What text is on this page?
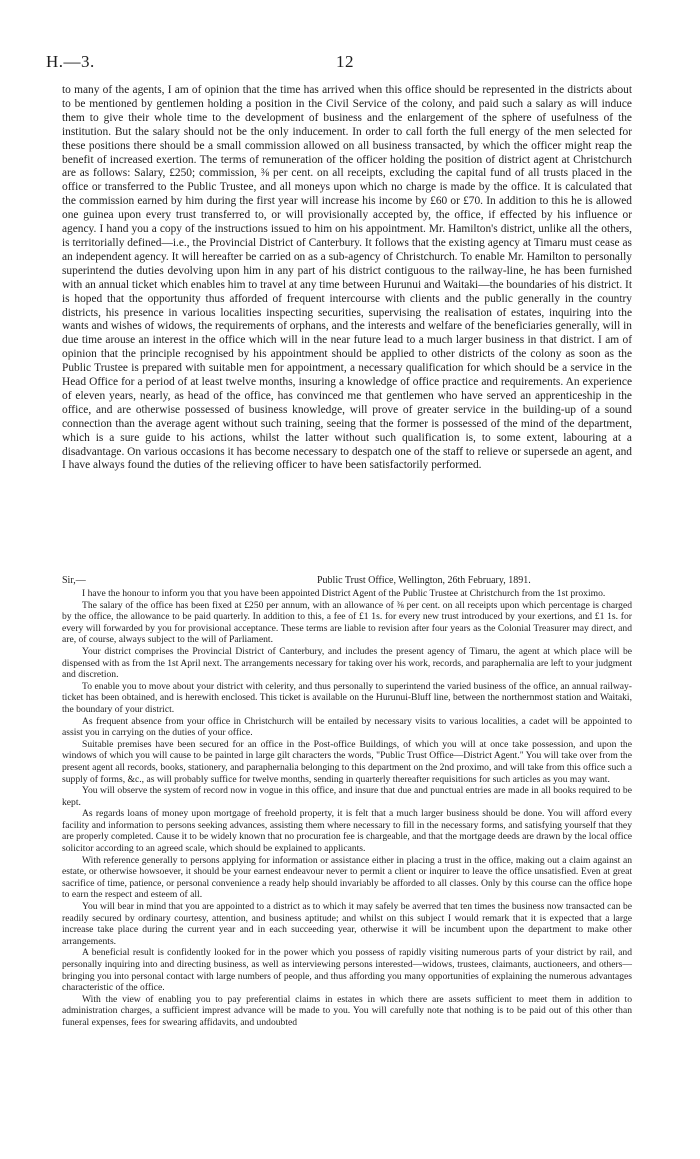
H.—3.	12

to many of the agents, I am of opinion that the time has arrived when this office should be represented in the districts about to be mentioned by gentlemen holding a position in the Civil Service of the colony, and paid such a salary as will induce them to give their whole time to the development of business and the enlargement of the sphere of usefulness of the institution. But the salary should not be the only inducement. In order to call forth the full energy of the men selected for these positions there should be a small commission allowed on all business transacted, by which the officer might reap the benefit of increased exertion. The terms of remuneration of the officer holding the position of district agent at Christchurch are as follows: Salary, £250; commission, ⅜ per cent. on all receipts, excluding the capital fund of all trusts placed in the office or transferred to the Public Trustee, and all moneys upon which no charge is made by the office. It is calculated that the commission earned by him during the first year will increase his income by £60 or £70. In addition to this he is allowed one guinea upon every trust transferred to, or will provisionally accepted by, the office, if effected by his influence or agency. I hand you a copy of the instructions issued to him on his appointment. Mr. Hamilton's district, unlike all the others, is territorially defined—i.e., the Provincial District of Canterbury. It follows that the existing agency at Timaru must cease as an independent agency. It will hereafter be carried on as a sub-agency of Christchurch. To enable Mr. Hamilton to personally superintend the duties devolving upon him in any part of his district contiguous to the railway-line, he has been furnished with an annual ticket which enables him to travel at any time between Hurunui and Waitaki—the boundaries of his district. It is hoped that the opportunity thus afforded of frequent intercourse with clients and the public generally in the country districts, his presence in various localities inspecting securities, supervising the realisation of estates, inquiring into the wants and wishes of widows, the requirements of orphans, and the interests and welfare of the beneficiaries generally, will in due time arouse an interest in the office which will in the near future lead to a much larger business in that district. I am of opinion that the principle recognised by his appointment should be applied to other districts of the colony as soon as the Public Trustee is prepared with suitable men for appointment, a necessary qualification for which should be a service in the Head Office for a period of at least twelve months, insuring a knowledge of office practice and requirements. An experience of eleven years, nearly, as head of the office, has convinced me that gentlemen who have served an apprenticeship in the office, and are otherwise possessed of business knowledge, will prove of greater service in the building-up of a sound connection than the average agent without such training, seeing that the former is possessed of the mind of the department, which is a sure guide to his actions, whilst the latter without such qualification is, to some extent, labouring at a disadvantage. On various occasions it has become necessary to despatch one of the staff to relieve or supersede an agent, and I have always found the duties of the relieving officer to have been satisfactorily performed.

Sir,—	Public Trust Office, Wellington, 26th February, 1891.

I have the honour to inform you that you have been appointed District Agent of the Public Trustee at Christchurch from the 1st proximo.

The salary of the office has been fixed at £250 per annum, with an allowance of ⅜ per cent. on all receipts upon which percentage is charged by the office, the allowance to be paid quarterly. In addition to this, a fee of £1 1s. for every new trust introduced by your exertions, and £1 1s. for every will forwarded by you for provisional acceptance. These terms are liable to revision after four years as the Colonial Treasurer may direct, and are, of course, always subject to the will of Parliament.

Your district comprises the Provincial District of Canterbury, and includes the present agency of Timaru, the agent at which place will be dispensed with as from the 1st April next. The arrangements necessary for taking over his work, records, and paraphernalia are left to your judgment and discretion.

To enable you to move about your district with celerity, and thus personally to superintend the varied business of the office, an annual railway-ticket has been obtained, and is herewith enclosed. This ticket is available on the Hurunui-Bluff line, between the northernmost station and Waitaki, the boundary of your district.

As frequent absence from your office in Christchurch will be entailed by necessary visits to various localities, a cadet will be appointed to assist you in carrying on the duties of your office.

Suitable premises have been secured for an office in the Post-office Buildings, of which you will at once take possession, and upon the windows of which you will cause to be painted in large gilt characters the words, "Public Trust Office—District Agent." You will take over from the present agent all records, books, stationery, and paraphernalia belonging to this department on the 2nd proximo, and will take from this office such a supply of forms, &c., as will probably suffice for twelve months, sending in quarterly thereafter requisitions for such articles as you may want.

You will observe the system of record now in vogue in this office, and insure that due and punctual entries are made in all books required to be kept.

As regards loans of money upon mortgage of freehold property, it is felt that a much larger business should be done. You will afford every facility and information to persons seeking advances, assisting them where necessary to fill in the necessary forms, and satisfying yourself that they are properly completed. Cause it to be widely known that no procuration fee is chargeable, and that the mortgage deeds are drawn by the local office solicitor according to an agreed scale, which should be explained to applicants.

With reference generally to persons applying for information or assistance either in placing a trust in the office, making out a claim against an estate, or otherwise howsoever, it should be your earnest endeavour never to permit a client or inquirer to leave the office unsatisfied. Even at great sacrifice of time, patience, or personal convenience a ready help should invariably be afforded to all classes. Only by this course can the office hope to earn the respect and esteem of all.

You will bear in mind that you are appointed to a district as to which it may safely be averred that ten times the business now transacted can be readily secured by ordinary courtesy, attention, and business aptitude; and whilst on this subject I would remark that it is expected that a large increase take place during the current year and in each succeeding year, otherwise it will be incumbent upon the department to make other arrangements.

A beneficial result is confidently looked for in the power which you possess of rapidly visiting numerous parts of your district by rail, and personally inquiring into and directing business, as well as interviewing persons interested—widows, trustees, claimants, auctioneers, and others—bringing you into personal contact with large numbers of people, and thus affording you many opportunities of explaining the numerous advantages characteristic of the office.

With the view of enabling you to pay preferential claims in estates in which there are assets sufficient to meet them in addition to administration charges, a sufficient imprest advance will be made to you. You will carefully note that nothing is to be paid out of this other than funeral expenses, fees for swearing affidavits, and undoubted
